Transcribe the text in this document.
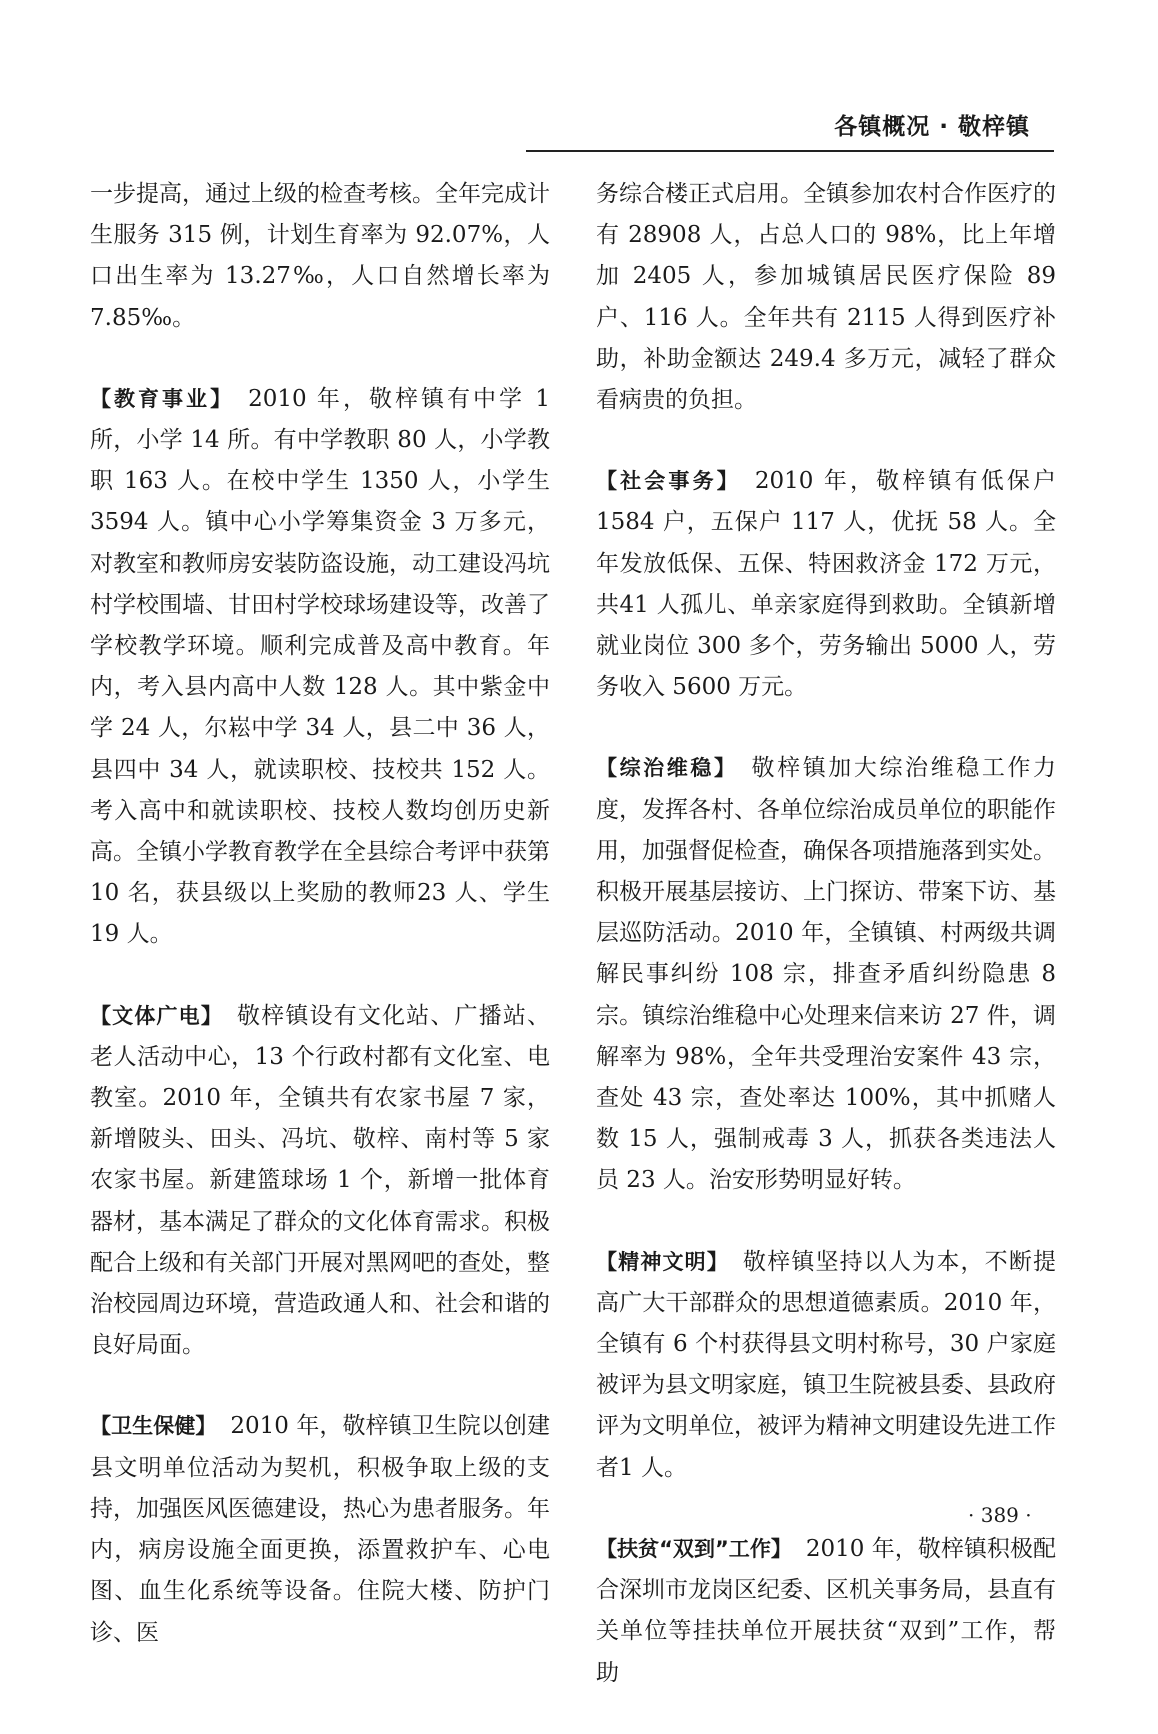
各镇概况 · 敬梓镇

一步提高，通过上级的检查考核。全年完成计生服务 315 例，计划生育率为 92.07%，人口出生率为 13.27‰，人口自然增长率为 7.85‰。

【教育事业】 2010 年，敬梓镇有中学 1 所，小学 14 所。有中学教职 80 人，小学教职 163 人。在校中学生 1350 人，小学生 3594 人。镇中心小学筹集资金 3 万多元，对教室和教师房安装防盗设施，动工建设冯坑村学校围墙、甘田村学校球场建设等，改善了学校教学环境。顺利完成普及高中教育。年内，考入县内高中人数 128 人。其中紫金中学 24 人，尔崧中学 34 人，县二中 36 人，县四中 34 人，就读职校、技校共 152 人。考入高中和就读职校、技校人数均创历史新高。全镇小学教育教学在全县综合考评中获第10 名，获县级以上奖励的教师23 人、学生19 人。

【文体广电】 敬梓镇设有文化站、广播站、老人活动中心，13 个行政村都有文化室、电教室。2010 年，全镇共有农家书屋 7 家，新增陂头、田头、冯坑、敬梓、南村等 5 家农家书屋。新建篮球场 1 个，新增一批体育器材，基本满足了群众的文化体育需求。积极配合上级和有关部门开展对黑网吧的查处，整治校园周边环境，营造政通人和、社会和谐的良好局面。

【卫生保健】 2010 年，敬梓镇卫生院以创建县文明单位活动为契机，积极争取上级的支持，加强医风医德建设，热心为患者服务。年内，病房设施全面更换，添置救护车、心电图、血生化系统等设备。住院大楼、防护门诊、医

务综合楼正式启用。全镇参加农村合作医疗的有 28908 人，占总人口的 98%，比上年增加 2405 人，参加城镇居民医疗保险 89 户、116 人。全年共有 2115 人得到医疗补助，补助金额达 249.4 多万元，减轻了群众看病贵的负担。

【社会事务】 2010 年，敬梓镇有低保户 1584 户，五保户 117 人，优抚 58 人。全年发放低保、五保、特困救济金 172 万元，共41 人孤儿、单亲家庭得到救助。全镇新增就业岗位 300 多个，劳务输出 5000 人，劳务收入 5600 万元。

【综治维稳】 敬梓镇加大综治维稳工作力度，发挥各村、各单位综治成员单位的职能作用，加强督促检查，确保各项措施落到实处。积极开展基层接访、上门探访、带案下访、基层巡防活动。2010 年，全镇镇、村两级共调解民事纠纷 108 宗，排查矛盾纠纷隐患 8 宗。镇综治维稳中心处理来信来访 27 件，调解率为 98%，全年共受理治安案件 43 宗，查处 43 宗，查处率达 100%，其中抓赌人数 15 人，强制戒毒 3 人，抓获各类违法人员 23 人。治安形势明显好转。

【精神文明】 敬梓镇坚持以人为本，不断提高广大干部群众的思想道德素质。2010 年，全镇有 6 个村获得县文明村称号，30 户家庭被评为县文明家庭，镇卫生院被县委、县政府评为文明单位，被评为精神文明建设先进工作者1 人。

【扶贫“双到”工作】 2010 年，敬梓镇积极配合深圳市龙岗区纪委、区机关事务局，县直有关单位等挂扶单位开展扶贫“双到”工作，帮助

· 389 ·
